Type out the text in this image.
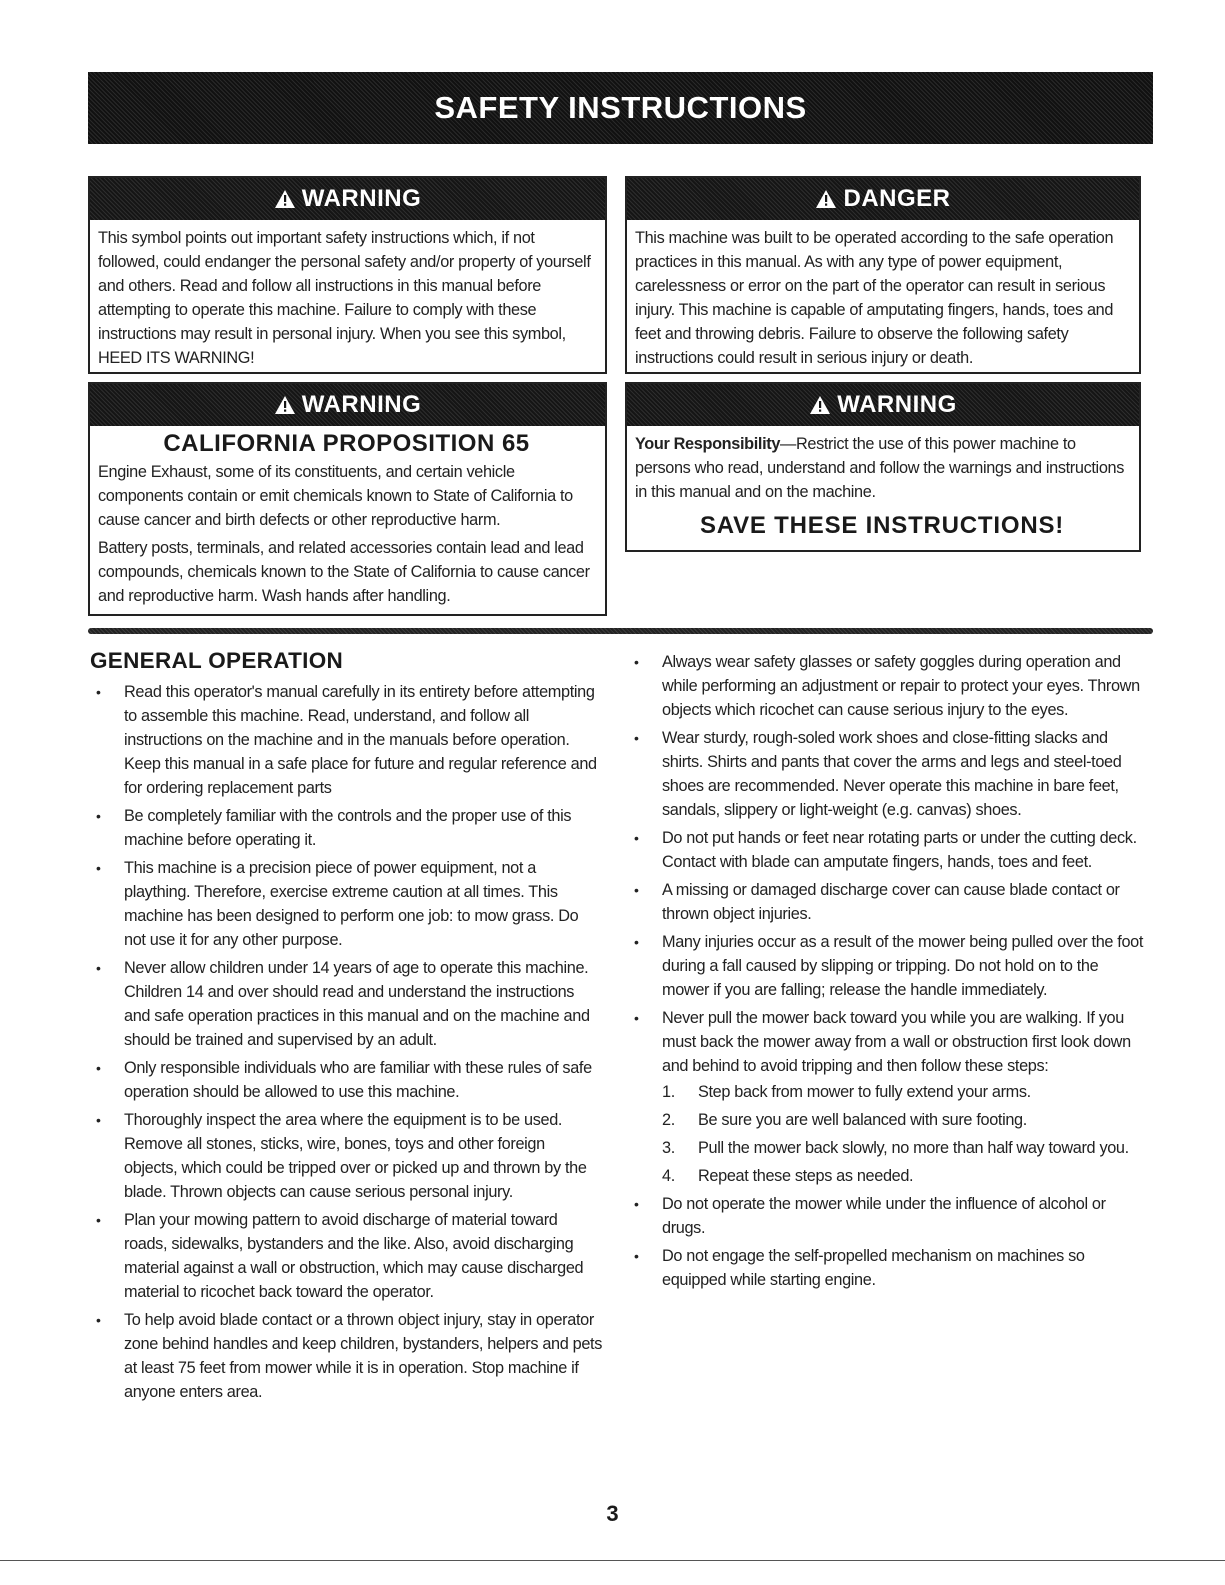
SAFETY INSTRUCTIONS
WARNING
This symbol points out important safety instructions which, if not followed, could endanger the personal safety and/or property of yourself and others. Read and follow all instructions in this manual before attempting to operate this machine. Failure to comply with these instructions may result in personal injury. When you see this symbol, HEED ITS WARNING!
DANGER
This machine was built to be operated according to the safe operation practices in this manual. As with any type of power equipment, carelessness or error on the part of the operator can result in serious injury. This machine is capable of amputating fingers, hands, toes and feet and throwing debris. Failure to observe the following safety instructions could result in serious injury or death.
WARNING
CALIFORNIA PROPOSITION 65
Engine Exhaust, some of its constituents, and certain vehicle components contain or emit chemicals known to State of California to cause cancer and birth defects or other reproductive harm.
Battery posts, terminals, and related accessories contain lead and lead compounds, chemicals known to the State of California to cause cancer and reproductive harm. Wash hands after handling.
WARNING
Your Responsibility—Restrict the use of this power machine to persons who read, understand and follow the warnings and instructions in this manual and on the machine.
SAVE THESE INSTRUCTIONS!
GENERAL OPERATION
• Read this operator's manual carefully in its entirety before attempting to assemble this machine. Read, understand, and follow all instructions on the machine and in the manuals before operation. Keep this manual in a safe place for future and regular reference and for ordering replacement parts
• Be completely familiar with the controls and the proper use of this machine before operating it.
• This machine is a precision piece of power equipment, not a plaything. Therefore, exercise extreme caution at all times. This machine has been designed to perform one job: to mow grass. Do not use it for any other purpose.
• Never allow children under 14 years of age to operate this machine. Children 14 and over should read and understand the instructions and safe operation practices in this manual and on the machine and should be trained and supervised by an adult.
• Only responsible individuals who are familiar with these rules of safe operation should be allowed to use this machine.
• Thoroughly inspect the area where the equipment is to be used. Remove all stones, sticks, wire, bones, toys and other foreign objects, which could be tripped over or picked up and thrown by the blade. Thrown objects can cause serious personal injury.
• Plan your mowing pattern to avoid discharge of material toward roads, sidewalks, bystanders and the like. Also, avoid discharging material against a wall or obstruction, which may cause discharged material to ricochet back toward the operator.
• To help avoid blade contact or a thrown object injury, stay in operator zone behind handles and keep children, bystanders, helpers and pets at least 75 feet from mower while it is in operation. Stop machine if anyone enters area.
• Always wear safety glasses or safety goggles during operation and while performing an adjustment or repair to protect your eyes. Thrown objects which ricochet can cause serious injury to the eyes.
• Wear sturdy, rough-soled work shoes and close-fitting slacks and shirts. Shirts and pants that cover the arms and legs and steel-toed shoes are recommended. Never operate this machine in bare feet, sandals, slippery or light-weight (e.g. canvas) shoes.
• Do not put hands or feet near rotating parts or under the cutting deck. Contact with blade can amputate fingers, hands, toes and feet.
• A missing or damaged discharge cover can cause blade contact or thrown object injuries.
• Many injuries occur as a result of the mower being pulled over the foot during a fall caused by slipping or tripping. Do not hold on to the mower if you are falling; release the handle immediately.
• Never pull the mower back toward you while you are walking. If you must back the mower away from a wall or obstruction first look down and behind to avoid tripping and then follow these steps:
1. Step back from mower to fully extend your arms.
2. Be sure you are well balanced with sure footing.
3. Pull the mower back slowly, no more than half way toward you.
4. Repeat these steps as needed.
• Do not operate the mower while under the influence of alcohol or drugs.
• Do not engage the self-propelled mechanism on machines so equipped while starting engine.
3
